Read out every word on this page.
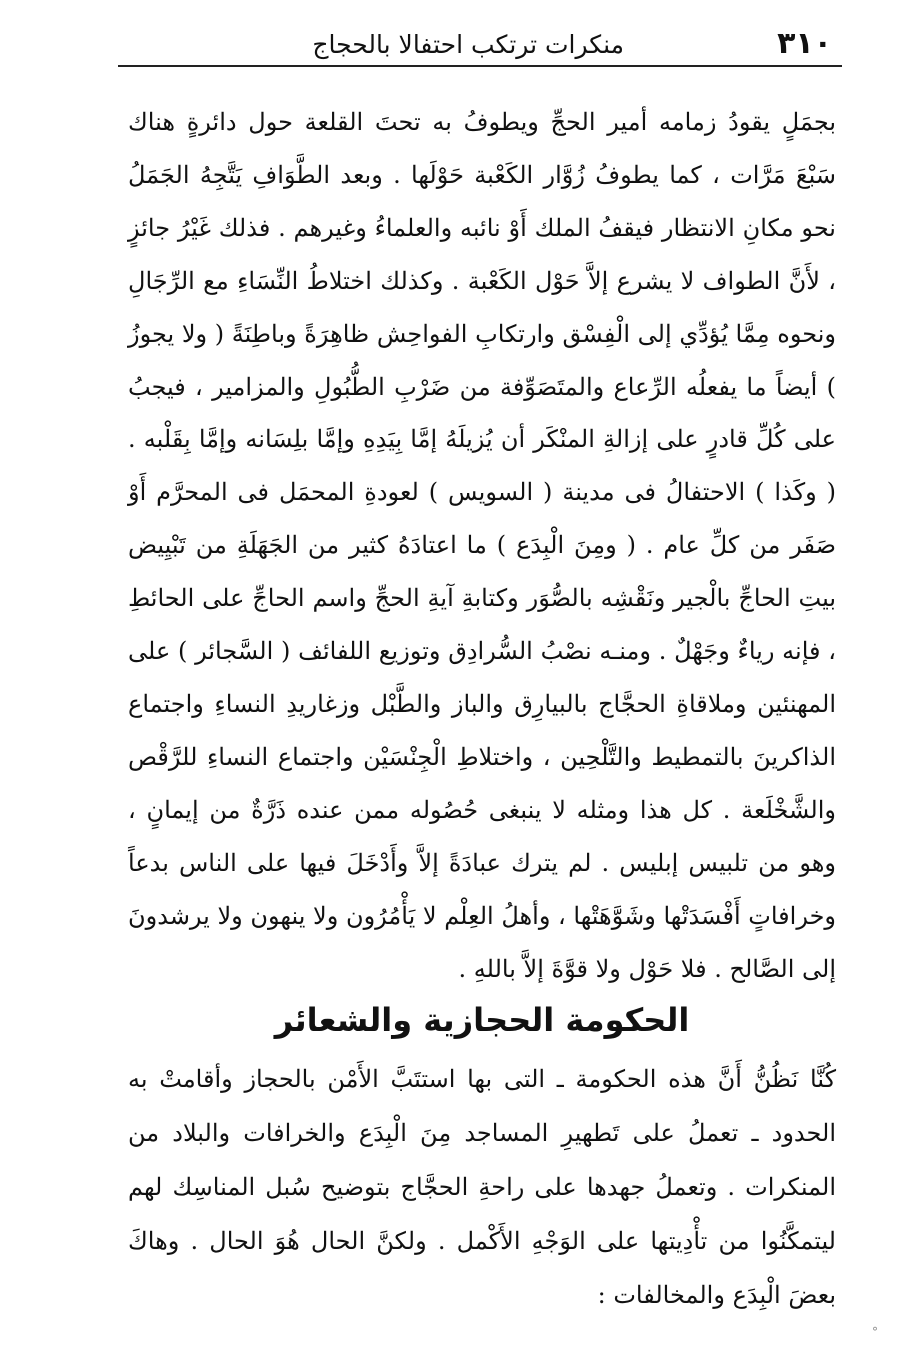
٣١٠
منكرات ترتكب احتفالا بالحجاج

بجمَلٍ يقودُ زمامه أمير الحجِّ ويطوفُ به تحتَ القلعة حول دائرةٍ هناك سَبْعَ مَرَّات ، كما يطوفُ زُوَّار الكَعْبة حَوْلَها . وبعد الطَّوَافِ يَتَّجِهُ الجَمَلُ نحو مكانِ الانتظار فيقفُ الملك أَوْ نائبه والعلماءُ وغيرهم . فذلك غَيْرُ جائزٍ ، لأَنَّ الطواف لا يشرع إلاَّ حَوْل الكَعْبة . وكذلك اختلاطُ النِّسَاءِ مع الرِّجَالِ ونحوه مِمَّا يُؤدِّي إلى الْفِسْق وارتكابِ الفواحِش ظاهِرَةً وباطِنَةً ( ولا يجوزُ ) أيضاً ما يفعلُه الرِّعاع والمتَصَوِّفة من ضَرْبِ الطُّبُولِ والمزامير ، فيجبُ على كُلِّ قادرٍ على إزالةِ المنْكَر أن يُزيلَهُ إمَّا بِيَدِهِ وإمَّا بلِسَانه وإمَّا بِقَلْبه . ( وكَذا ) الاحتفالُ فى مدينة ( السويس ) لعودةِ المحمَل فى المحرَّم أَوْ صَفَر من كلِّ عام . ( ومِنَ الْبِدَع ) ما اعتادَهُ كثير من الجَهَلَةِ من تَبْيِيض بيتِ الحاجِّ بالْجير ونَقْشِه بالصُّوَر وكتابةِ آيةِ الحجِّ واسم الحاجِّ على الحائطِ ، فإنه رياءٌ وجَهْلٌ . ومنـه نصْبُ السُّرادِق وتوزيع اللفائف ( السَّجائر ) على المهنئين وملاقاةِ الحجَّاج بالبيارِق والباز والطَّبْل وزغاريدِ النساءِ واجتماع الذاكرينَ بالتمطيط والتَّلْحِين ، واختلاطِ الْجِنْسَيْن واجتماع النساءِ للرَّقْص والشَّخْلَعة . كل هذا ومثله لا ينبغى حُصُوله ممن عنده ذَرَّةٌ من إيمانٍ ، وهو من تلبيس إبليس . لم يترك عبادَةً إلاَّ وأَدْخَلَ فيها على الناس بدعاً وخرافاتٍ أَفْسَدَتْها وشَوَّهَتْها ، وأهلُ العِلْم لا يَأْمُرُون ولا ينهون ولا يرشدونَ إلى الصَّالح . فلا حَوْل ولا قوَّةَ إلاَّ باللهِ .

الحكومة الحجازية والشعائر

كُنَّا نَظُنُّ أَنَّ هذه الحكومة ـ التى بها استتَبَّ الأَمْن بالحجاز وأقامتْ به الحدود ـ تعملُ على تَطهيرِ المساجد مِنَ الْبِدَع والخرافات والبلاد من المنكرات . وتعملُ جهدها على راحةِ الحجَّاج بتوضيح سُبل المناسِك لهم ليتمكَّنُوا من تأْدِيتها على الوَجْهِ الأَكْمل . ولكنَّ الحال هُوَ الحال . وهاكَ بعضَ الْبِدَع والمخالفات :

°
